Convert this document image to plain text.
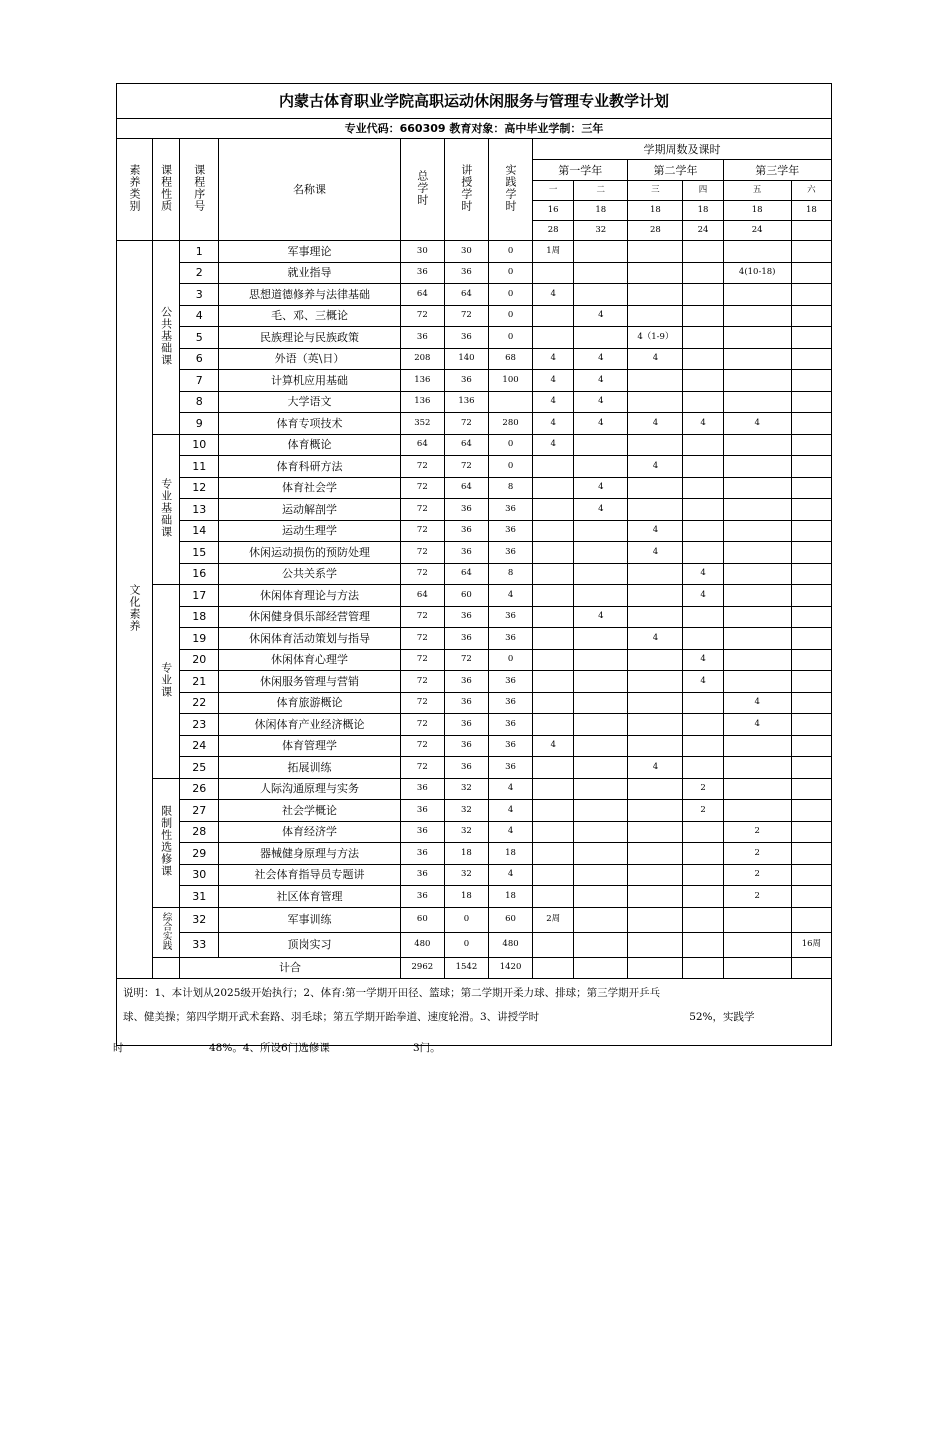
内蒙古体育职业学院高职运动休闲服务与管理专业教学计划												
专业代码：660309 教育对象：高中毕业学制：三年												
素养类别	课程性质	课程序号	名称课	总学时	讲授学时	实践学时	学期周数及课时					
							第一学年		第二学年		第三学年	
							一	二	三	四	五	六
							16	18	18	18	18	18
							28	32	28	24	24	
文化素养	公共基础课	1	军事理论	30	30	0	1周					
		2	就业指导	36	36	0					4(10-18)	
		3	思想道德修养与法律基础	64	64	0	4					
		4	毛、邓、三概论	72	72	0		4				
		5	民族理论与民族政策	36	36	0			4（1-9）			
		6	外语（英\日）	208	140	68	4	4	4			
		7	计算机应用基础	136	36	100	4	4				
		8	大学语文	136	136		4	4				
		9	体育专项技术	352	72	280	4	4	4	4	4	
	专业基础课	10	体育概论	64	64	0	4					
		11	体育科研方法	72	72	0			4			
		12	体育社会学	72	64	8		4				
		13	运动解剖学	72	36	36		4				
		14	运动生理学	72	36	36			4			
		15	休闲运动损伤的预防处理	72	36	36			4			
		16	公共关系学	72	64	8				4		
	专业课	17	休闲体育理论与方法	64	60	4				4		
		18	休闲健身俱乐部经营管理	72	36	36		4				
		19	休闲体育活动策划与指导	72	36	36			4			
		20	休闲体育心理学	72	72	0				4		
		21	休闲服务管理与营销	72	36	36				4		
		22	体育旅游概论	72	36	36					4	
		23	休闲体育产业经济概论	72	36	36					4	
		24	体育管理学	72	36	36	4					
		25	拓展训练	72	36	36			4			
	限制性选修课	26	人际沟通原理与实务	36	32	4				2		
		27	社会学概论	36	32	4				2		
		28	体育经济学	36	32	4					2	
		29	器械健身原理与方法	36	18	18					2	
		30	社会体育指导员专题讲	36	32	4					2	
		31	社区体育管理	36	18	18					2	
	综合实践	32	军事训练	60	0	60	2周					
		33	顶岗实习	480	0	480						16周
		计合		2962	1542	1420						
说明：1、本计划从2025级开始执行；2、体育:第一学期开田径、篮球；第二学期开柔力球、排球；第三学期开乒乓
球、健美操；第四学期开武术套路、羽毛球；第五学期开跆拳道、速度轮滑。3、讲授学时	52%，实践学
时	48%。4、所设6门选修课	3门。
